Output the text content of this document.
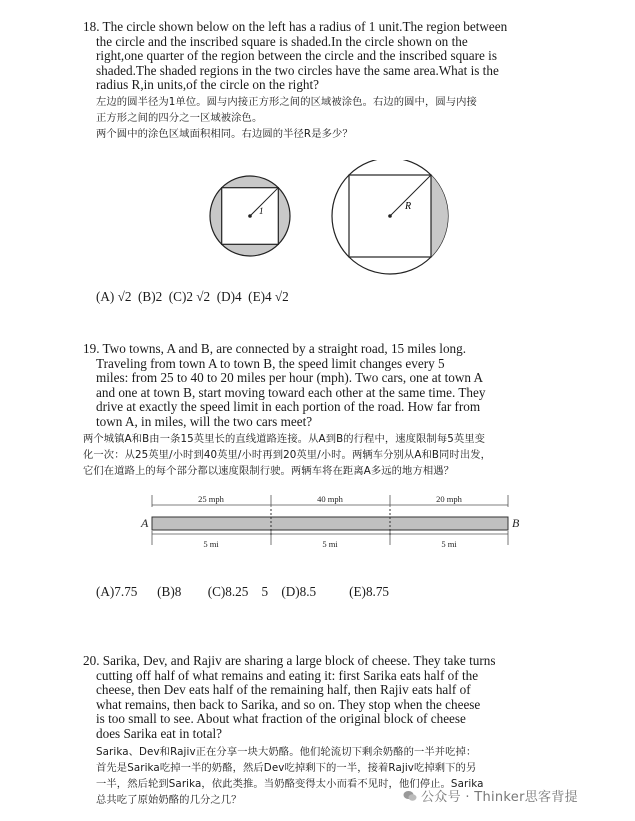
18. The circle shown below on the left has a radius of 1 unit.The region between
the circle and the inscribed square is shaded.In the circle shown on the
right,one quarter of the region between the circle and the inscribed square is
shaded.The shaded regions in the two circles have the same area.What is the
radius R,in units,of the circle on the right?

左边的圆半径为1单位。圆与内接正方形之间的区域被涂色。右边的圆中，圆与内接
正方形之间的四分之一区域被涂色。
两个圆中的涂色区域面积相同。右边圆的半径R是多少？

1	R
(A) √2  (B)2  (C)2 √2  (D)4  (E)4 √2

19. Two towns, A and B, are connected by a straight road, 15 miles long.
Traveling from town A to town B, the speed limit changes every 5
miles: from 25 to 40 to 20 miles per hour (mph). Two cars, one at town A
and one at town B, start moving toward each other at the same time. They
drive at exactly the speed limit in each portion of the road. How far from
town A, in miles, will the two cars meet?

两个城镇A和B由一条15英里长的直线道路连接。从A到B的行程中，速度限制每5英里变
化一次：从25英里/小时到40英里/小时再到20英里/小时。两辆车分别从A和B同时出发，
它们在道路上的每个部分都以速度限制行驶。两辆车将在距离A多远的地方相遇？

25 mph	40 mph	20 mph
5 mi	5 mi	5 mi
A	B
(A)7.75      (B)8        (C)8.25    5    (D)8.5          (E)8.75

20. Sarika, Dev, and Rajiv are sharing a large block of cheese. They take turns
cutting off half of what remains and eating it: first Sarika eats half of the
cheese, then Dev eats half of the remaining half, then Rajiv eats half of
what remains, then back to Sarika, and so on. They stop when the cheese
is too small to see. About what fraction of the original block of cheese
does Sarika eat in total?

Sarika、Dev和Rajiv正在分享一块大奶酪。他们轮流切下剩余奶酪的一半并吃掉：
首先是Sarika吃掉一半的奶酪，然后Dev吃掉剩下的一半，接着Rajiv吃掉剩下的另
一半，然后轮到Sarika，依此类推。当奶酪变得太小而看不见时，他们停止。Sarika
总共吃了原始奶酪的几分之几？	公众号 · Thinker思客背提
